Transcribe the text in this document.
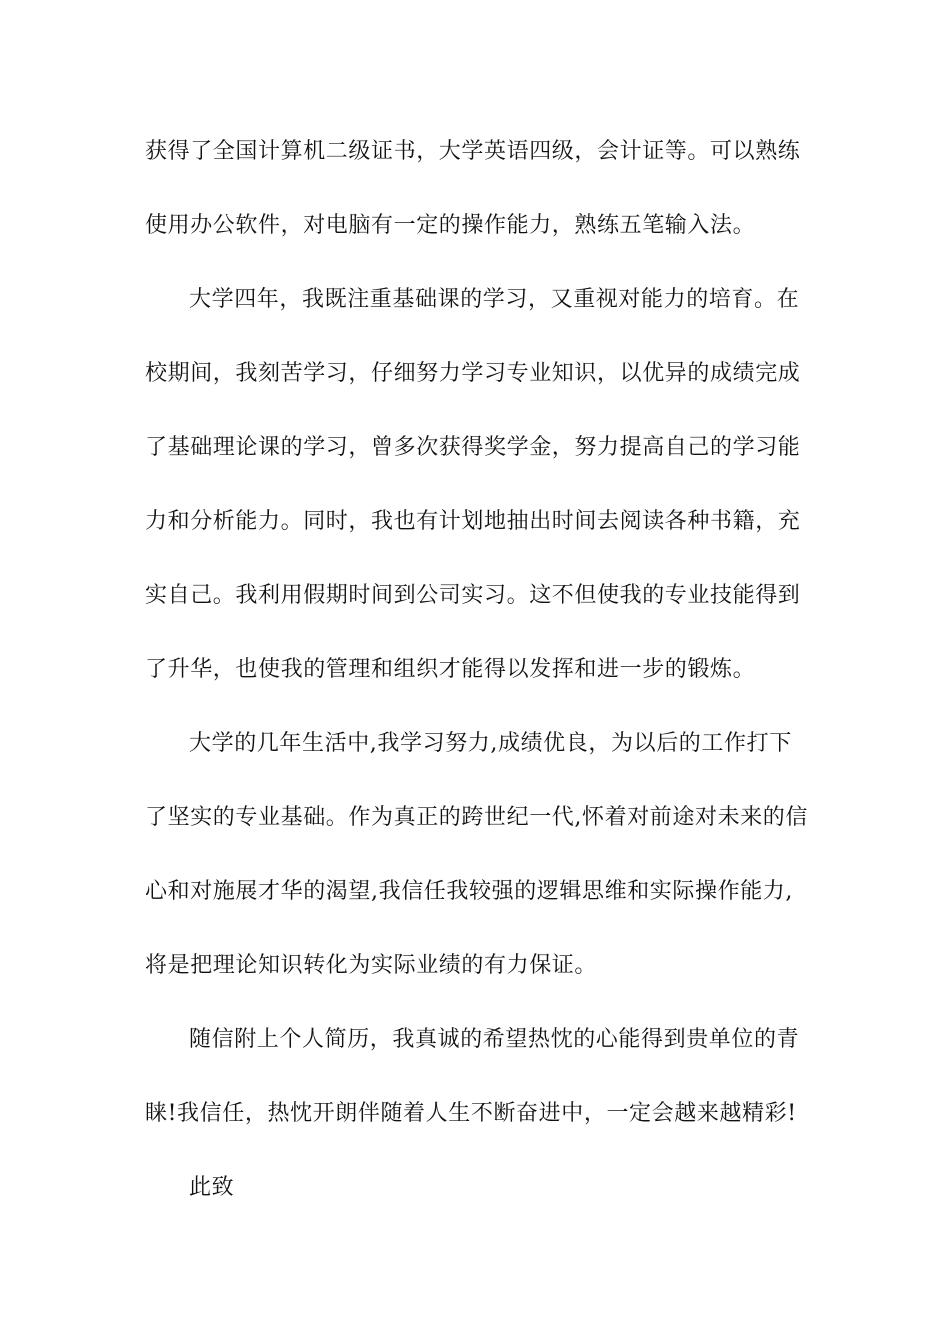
获得了全国计算机二级证书，大学英语四级，会计证等。可以熟练
使用办公软件，对电脑有一定的操作能力，熟练五笔输入法。
大学四年，我既注重基础课的学习，又重视对能力的培育。在
校期间，我刻苦学习，仔细努力学习专业知识，以优异的成绩完成
了基础理论课的学习，曾多次获得奖学金，努力提高自己的学习能
力和分析能力。同时，我也有计划地抽出时间去阅读各种书籍，充
实自己。我利用假期时间到公司实习。这不但使我的专业技能得到
了升华，也使我的管理和组织才能得以发挥和进一步的锻炼。
大学的几年生活中,我学习努力,成绩优良，为以后的工作打下
了坚实的专业基础。作为真正的跨世纪一代,怀着对前途对未来的信
心和对施展才华的渴望,我信任我较强的逻辑思维和实际操作能力,
将是把理论知识转化为实际业绩的有力保证。
随信附上个人简历，我真诚的希望热忱的心能得到贵单位的青
睐!我信任，热忱开朗伴随着人生不断奋进中，一定会越来越精彩!
此致
